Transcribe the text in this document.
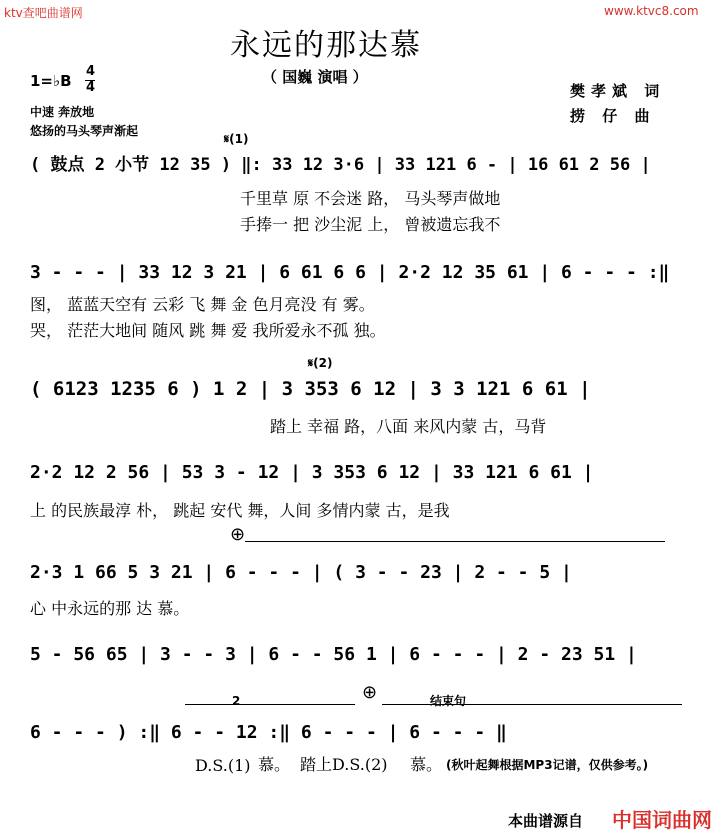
ktv查吧曲谱网	www.ktvc8.com
永远的那达慕
（ 国巍 演唱 ）
1=♭B
4
4
中速 奔放地
悠扬的马头琴声渐起
樊孝斌 词
捞 仔 曲
𝄋(1)
( 鼓点 2 小节 12 35 ) ‖: 33 12 3·6 | 33 121 6 - | 16 61 2 56 |
千里草 原 不会迷 路， 马头琴声做地
手捧一 把 沙尘泥 上， 曾被遗忘我不
3 - - - | 33 12 3 21 | 6 61 6 6 | 2·2 12 35 61 | 6 - - - :‖
图， 蓝蓝天空有 云彩 飞 舞 金 色月亮没 有 雾。
哭， 茫茫大地间 随风 跳 舞 爱 我所爱永不孤 独。
𝄋(2)
( 6123 1235 6 ) 1 2 | 3 353 6 12 | 3 3 121 6 61 |
踏上 幸福 路，八面 来风内蒙 古，马背
2·2 12 2 56 | 53 3 - 12 | 3 353 6 12 | 33 121 6 61 |
上 的民族最淳 朴， 跳起 安代 舞，人间 多情内蒙 古，是我
⊕
2·3 1 66 5 3 21 | 6 - - - | ( 3 - - 23 | 2 - - 5 |
心 中永远的那 达 慕。
5 - 56 65 | 3 - - 3 | 6 - - 56 1 | 6 - - - | 2 - 23 51 |
2	⊕	结束句
6 - - - ) :‖ 6 - - 12 :‖ 6 - - - | 6 - - - ‖
D.S.(1) 慕。 踏上D.S.(2) 慕。 (秋叶起舞根据MP3记谱，仅供参考。)
本曲谱源自 中国词曲网
